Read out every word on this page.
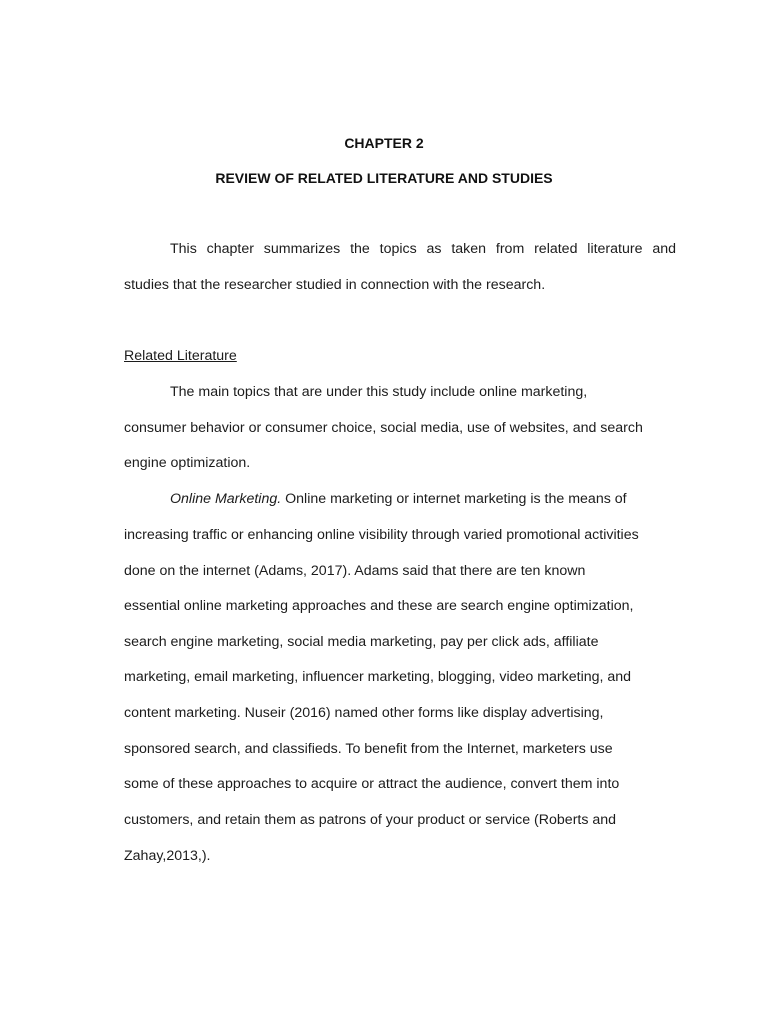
CHAPTER 2
REVIEW OF RELATED LITERATURE AND STUDIES

This chapter summarizes the topics as taken from related literature and

studies that the researcher studied in connection with the research.

Related Literature

The main topics that are under this study include online marketing,

consumer behavior or consumer choice, social media, use of websites, and search

engine optimization.

Online Marketing. Online marketing or internet marketing is the means of

increasing traffic or enhancing online visibility through varied promotional activities

done on the internet (Adams, 2017). Adams said that there are ten known

essential online marketing approaches and these are search engine optimization,

search engine marketing, social media marketing, pay per click ads, affiliate

marketing, email marketing, influencer marketing, blogging, video marketing, and

content marketing. Nuseir (2016) named other forms like display advertising,

sponsored search, and classifieds. To benefit from the Internet, marketers use

some of these approaches to acquire or attract the audience, convert them into

customers, and retain them as patrons of your product or service (Roberts and

Zahay,2013,).
